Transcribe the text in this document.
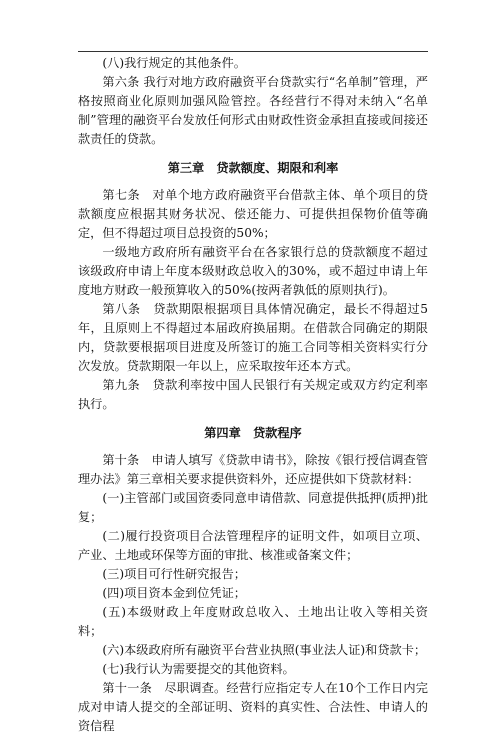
(八)我行规定的其他条件。

第六条 我行对地方政府融资平台贷款实行“名单制”管理，严格按照商业化原则加强风险管控。各经营行不得对未纳入“名单制”管理的融资平台发放任何形式由财政性资金承担直接或间接还款责任的贷款。

第三章　贷款额度、期限和利率

第七条　对单个地方政府融资平台借款主体、单个项目的贷款额度应根据其财务状况、偿还能力、可提供担保物价值等确定，但不得超过项目总投资的50%；

一级地方政府所有融资平台在各家银行总的贷款额度不超过该级政府申请上年度本级财政总收入的30%，或不超过申请上年度地方财政一般预算收入的50%(按两者孰低的原则执行)。

第八条　贷款期限根据项目具体情况确定，最长不得超过5年，且原则上不得超过本届政府换届期。在借款合同确定的期限内，贷款要根据项目进度及所签订的施工合同等相关资料实行分次发放。贷款期限一年以上，应采取按年还本方式。

第九条　贷款利率按中国人民银行有关规定或双方约定利率执行。

第四章　贷款程序

第十条　申请人填写《贷款申请书》，除按《银行授信调查管理办法》第三章相关要求提供资料外，还应提供如下贷款材料：

(一)主管部门或国资委同意申请借款、同意提供抵押(质押)批复；

(二)履行投资项目合法管理程序的证明文件，如项目立项、产业、土地或环保等方面的审批、核准或备案文件；

(三)项目可行性研究报告；

(四)项目资本金到位凭证；

(五)本级财政上年度财政总收入、土地出让收入等相关资料；

(六)本级政府所有融资平台营业执照(事业法人证)和贷款卡；

(七)我行认为需要提交的其他资料。

第十一条　尽职调查。经营行应指定专人在10个工作日内完成对申请人提交的全部证明、资料的真实性、合法性、申请人的资信程
